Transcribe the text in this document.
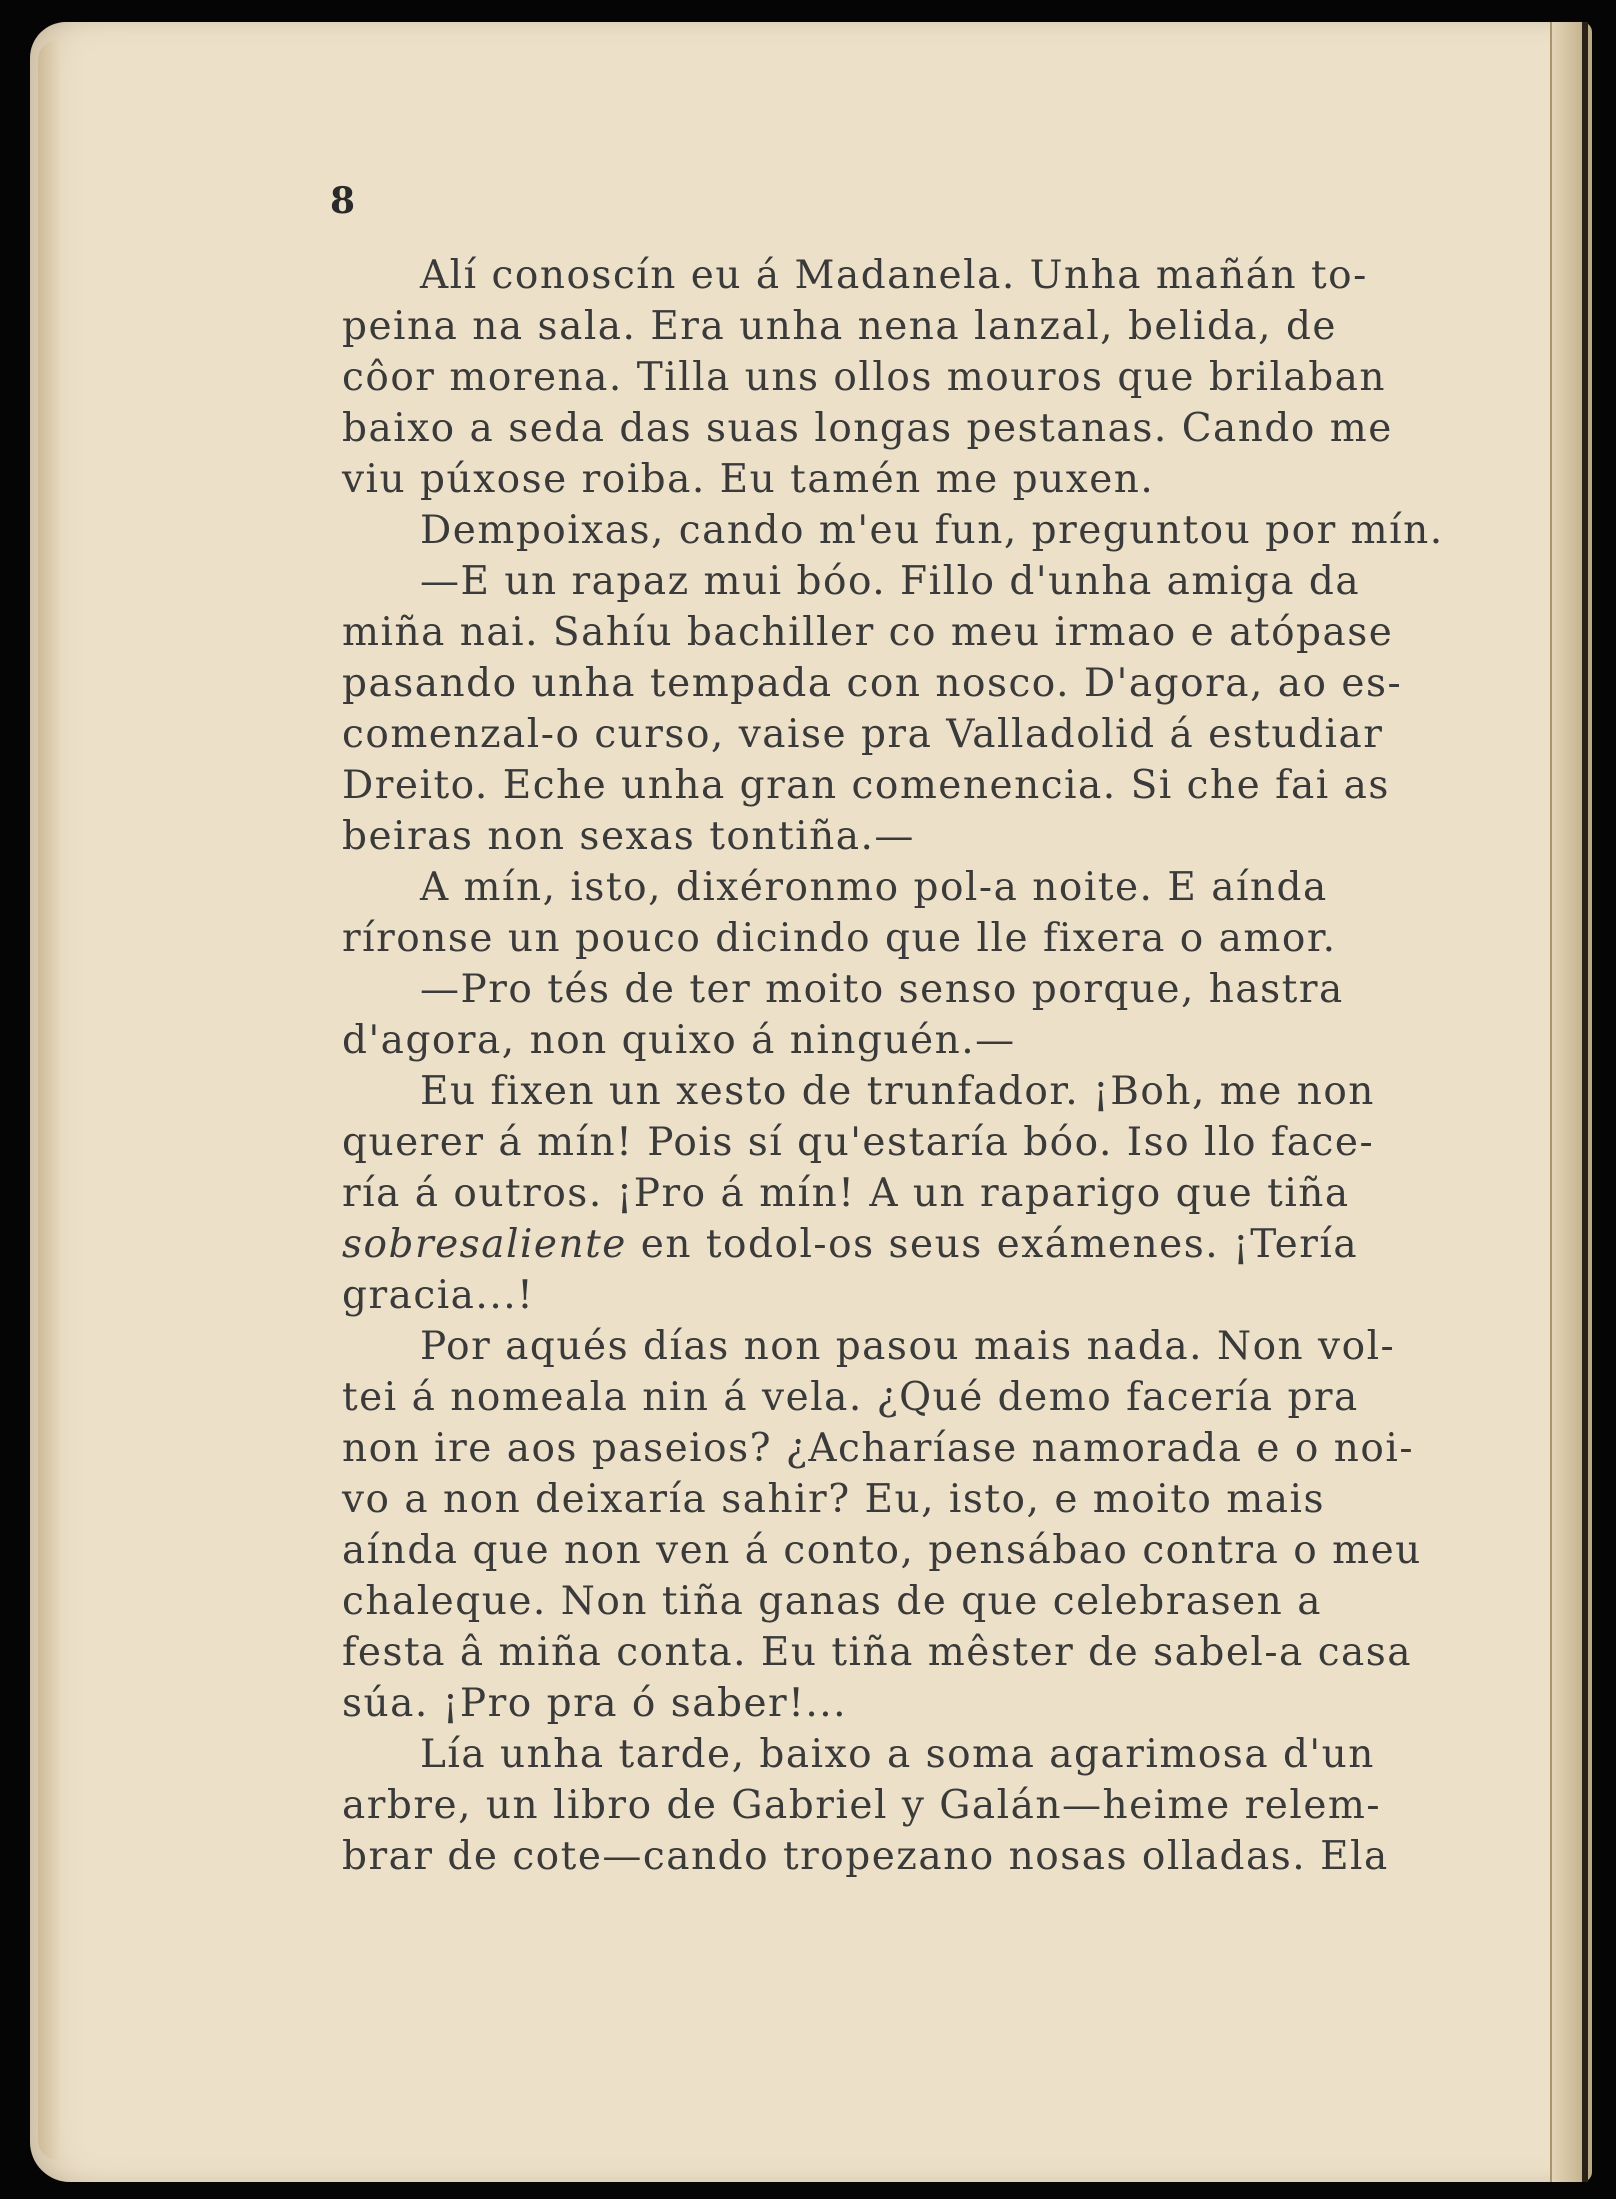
8
Alí conoscín eu á Madanela. Unha mañán to-
peina na sala. Era unha nena lanzal, belida, de
côor morena. Tilla uns ollos mouros que brilaban
baixo a seda das suas longas pestanas. Cando me
viu púxose roiba. Eu tamén me puxen.
Dempoixas, cando m'eu fun, preguntou por mín.
—E un rapaz mui bóo. Fillo d'unha amiga da
miña nai. Sahíu bachiller co meu irmao e atópase
pasando unha tempada con nosco. D'agora, ao es-
comenzal-o curso, vaise pra Valladolid á estudiar
Dreito. Eche unha gran comenencia. Si che fai as
beiras non sexas tontiña.—
A mín, isto, dixéronmo pol-a noite. E aínda
ríronse un pouco dicindo que lle fixera o amor.
—Pro tés de ter moito senso porque, hastra
d'agora, non quixo á ninguén.—
Eu fixen un xesto de trunfador. ¡Boh, me non
querer á mín! Pois sí qu'estaría bóo. Iso llo face-
ría á outros. ¡Pro á mín! A un raparigo que tiña
sobresaliente en todol-os seus exámenes. ¡Tería
gracia...!
Por aqués días non pasou mais nada. Non vol-
tei á nomeala nin á vela. ¿Qué demo facería pra
non ire aos paseios? ¿Acharíase namorada e o noi-
vo a non deixaría sahir? Eu, isto, e moito mais
aínda que non ven á conto, pensábao contra o meu
chaleque. Non tiña ganas de que celebrasen a
festa â miña conta. Eu tiña mêster de sabel-a casa
súa. ¡Pro pra ó saber!...
Lía unha tarde, baixo a soma agarimosa d'un
arbre, un libro de Gabriel y Galán—heime relem-
brar de cote—cando tropezano nosas olladas. Ela
